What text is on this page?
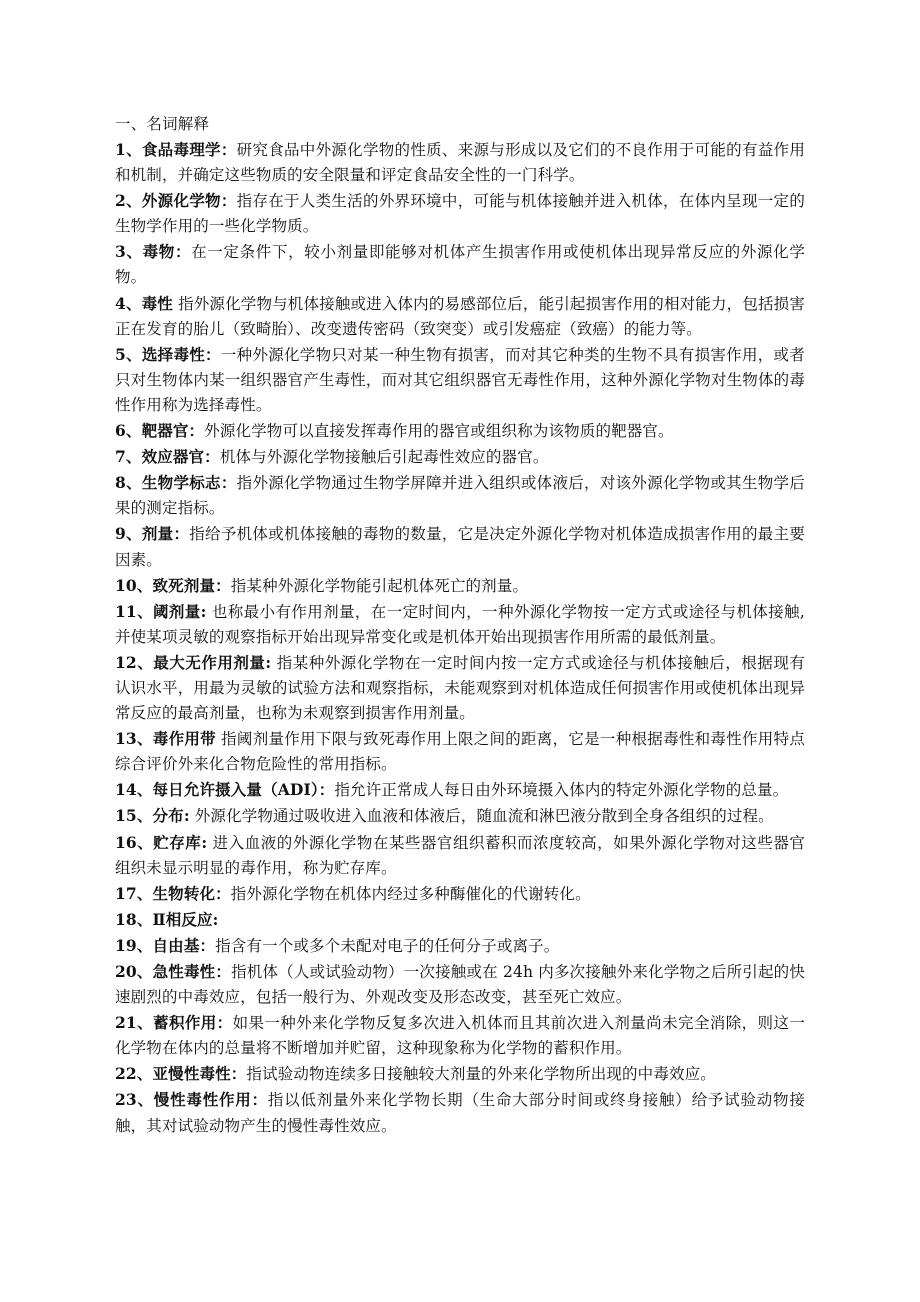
一、名词解释

1、食品毒理学：研究食品中外源化学物的性质、来源与形成以及它们的不良作用于可能的有益作用和机制，并确定这些物质的安全限量和评定食品安全性的一门科学。

2、外源化学物：指存在于人类生活的外界环境中，可能与机体接触并进入机体，在体内呈现一定的生物学作用的一些化学物质。

3、毒物：在一定条件下，较小剂量即能够对机体产生损害作用或使机体出现异常反应的外源化学物。

4、毒性 指外源化学物与机体接触或进入体内的易感部位后，能引起损害作用的相对能力，包括损害正在发育的胎儿（致畸胎）、改变遗传密码（致突变）或引发癌症（致癌）的能力等。

5、选择毒性：一种外源化学物只对某一种生物有损害，而对其它种类的生物不具有损害作用，或者只对生物体内某一组织器官产生毒性，而对其它组织器官无毒性作用，这种外源化学物对生物体的毒性作用称为选择毒性。

6、靶器官：外源化学物可以直接发挥毒作用的器官或组织称为该物质的靶器官。

7、效应器官：机体与外源化学物接触后引起毒性效应的器官。

8、生物学标志：指外源化学物通过生物学屏障并进入组织或体液后，对该外源化学物或其生物学后果的测定指标。

9、剂量：指给予机体或机体接触的毒物的数量，它是决定外源化学物对机体造成损害作用的最主要因素。

10、致死剂量：指某种外源化学物能引起机体死亡的剂量。

11、阈剂量: 也称最小有作用剂量，在一定时间内，一种外源化学物按一定方式或途径与机体接触,并使某项灵敏的观察指标开始出现异常变化或是机体开始出现损害作用所需的最低剂量。

12、最大无作用剂量: 指某种外源化学物在一定时间内按一定方式或途径与机体接触后，根据现有认识水平，用最为灵敏的试验方法和观察指标，未能观察到对机体造成任何损害作用或使机体出现异常反应的最高剂量，也称为未观察到损害作用剂量。

13、毒作用带 指阈剂量作用下限与致死毒作用上限之间的距离，它是一种根据毒性和毒性作用特点综合评价外来化合物危险性的常用指标。

14、每日允许摄入量（ADI）：指允许正常成人每日由外环境摄入体内的特定外源化学物的总量。

15、分布: 外源化学物通过吸收进入血液和体液后，随血流和淋巴液分散到全身各组织的过程。

16、贮存库: 进入血液的外源化学物在某些器官组织蓄积而浓度较高，如果外源化学物对这些器官组织未显示明显的毒作用，称为贮存库。

17、生物转化：指外源化学物在机体内经过多种酶催化的代谢转化。

18、Ⅱ相反应:

19、自由基：指含有一个或多个未配对电子的任何分子或离子。

20、急性毒性：指机体（人或试验动物）一次接触或在 24h 内多次接触外来化学物之后所引起的快速剧烈的中毒效应，包括一般行为、外观改变及形态改变，甚至死亡效应。

21、蓄积作用：如果一种外来化学物反复多次进入机体而且其前次进入剂量尚未完全消除，则这一化学物在体内的总量将不断增加并贮留，这种现象称为化学物的蓄积作用。

22、亚慢性毒性：指试验动物连续多日接触较大剂量的外来化学物所出现的中毒效应。

23、慢性毒性作用：指以低剂量外来化学物长期（生命大部分时间或终身接触）给予试验动物接触，其对试验动物产生的慢性毒性效应。
